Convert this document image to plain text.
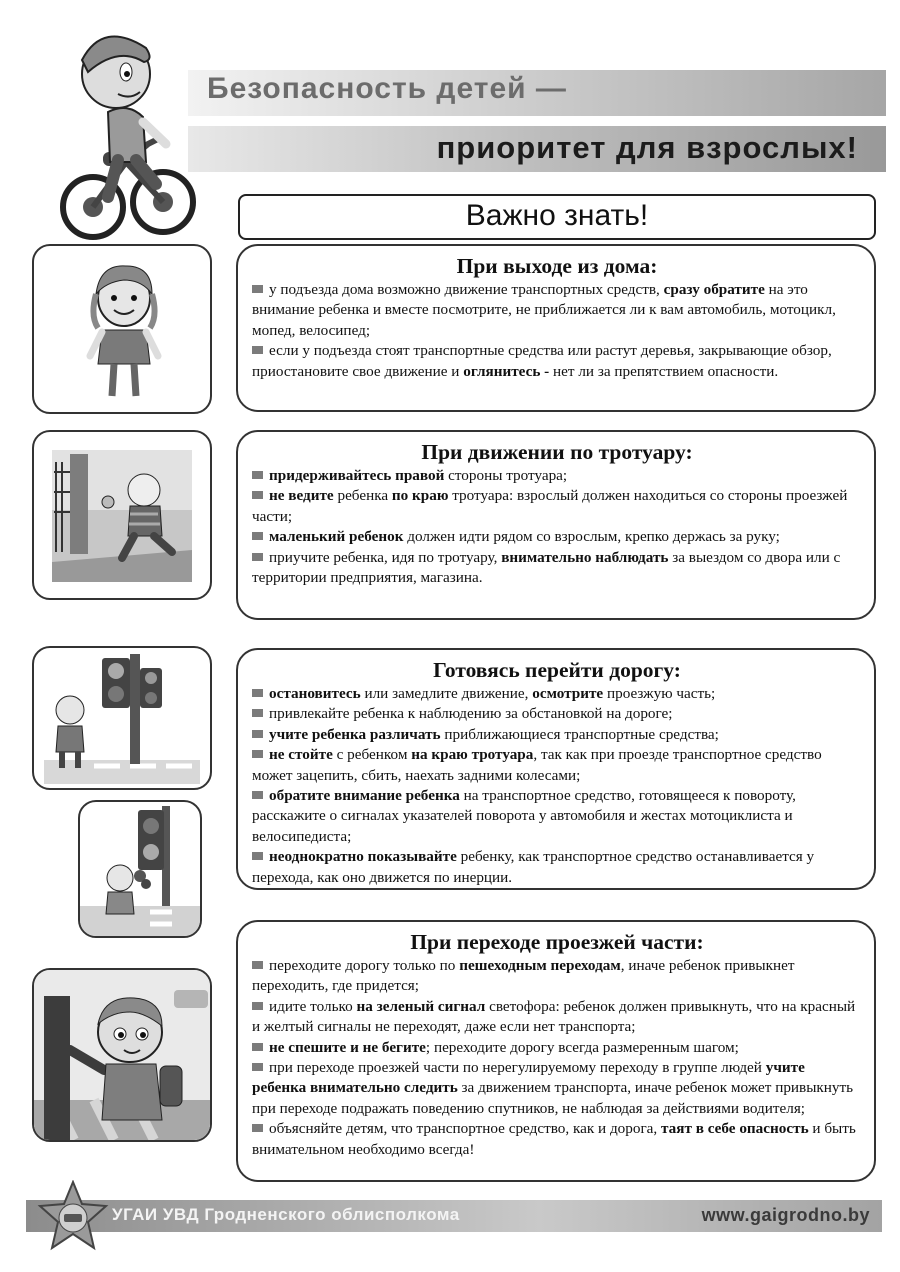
Безопасность детей —
приоритет для взрослых!
Важно знать!
При выходе из дома:

у подъезда дома возможно движение транспортных средств, сразу обратите на это внимание ребенка и вместе посмотрите, не приближается ли к вам автомобиль, мотоцикл, мопед, велосипед;

если у подъезда стоят транспортные средства или растут деревья, закрывающие обзор, приостановите свое движение и оглянитесь - нет ли за препятствием опасности.

При движении по тротуару:

придерживайтесь правой стороны тротуара;

не ведите ребенка по краю тротуара: взрослый должен находиться со стороны проезжей части;

маленький ребенок должен идти рядом со взрослым, крепко держась за руку;

приучите ребенка, идя по тротуару, внимательно наблюдать за выездом со двора или с территории предприятия, магазина.

Готовясь перейти дорогу:

остановитесь или замедлите движение, осмотрите проезжую часть;

привлекайте ребенка к наблюдению за обстановкой на дороге;

учите ребенка различать приближающиеся транспортные средства;

не стойте с ребенком на краю тротуара, так как при проезде транспортное средство может зацепить, сбить, наехать задними колесами;

обратите внимание ребенка на транспортное средство, готовящееся к повороту, расскажите о сигналах указателей поворота у автомобиля и жестах мотоциклиста и велосипедиста;

неоднократно показывайте ребенку, как транспортное средство останавливается у перехода, как оно движется по инерции.

При переходе проезжей части:

переходите дорогу только по пешеходным переходам, иначе ребенок привыкнет переходить, где придется;

идите только на зеленый сигнал светофора: ребенок должен привыкнуть, что на красный и желтый сигналы не переходят, даже если нет транспорта;

не спешите и не бегите; переходите дорогу всегда размеренным шагом;

при переходе проезжей части по нерегулируемому переходу в группе людей учите ребенка внимательно следить за движением транспорта, иначе ребенок может привыкнуть при переходе подражать поведению спутников, не наблюдая за действиями водителя;

объясняйте детям, что транспортное средство, как и дорога, таят в себе опасность и быть внимательном необходимо всегда!

УГАИ УВД Гродненского облисполкома	www.gaigrodno.by
